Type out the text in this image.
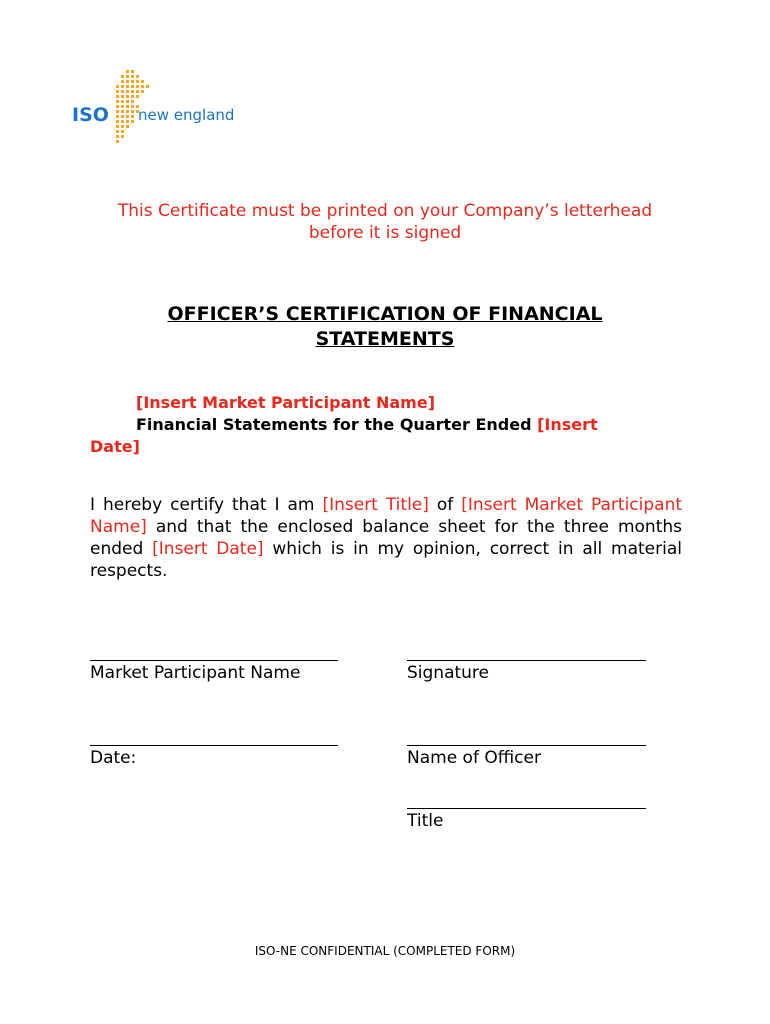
ISO new england
This Certificate must be printed on your Company’s letterhead
before it is signed
OFFICER’S CERTIFICATION OF FINANCIAL
STATEMENTS
[Insert Market Participant Name]
Financial Statements for the Quarter Ended [Insert
Date]
I hereby certify that I am [Insert Title] of [Insert Market Participant Name] and that the enclosed balance sheet for the three months ended [Insert Date] which is in my opinion, correct in all material respects.
Market Participant Name	Signature
Date:	Name of Officer
Title
ISO-NE CONFIDENTIAL (COMPLETED FORM)
